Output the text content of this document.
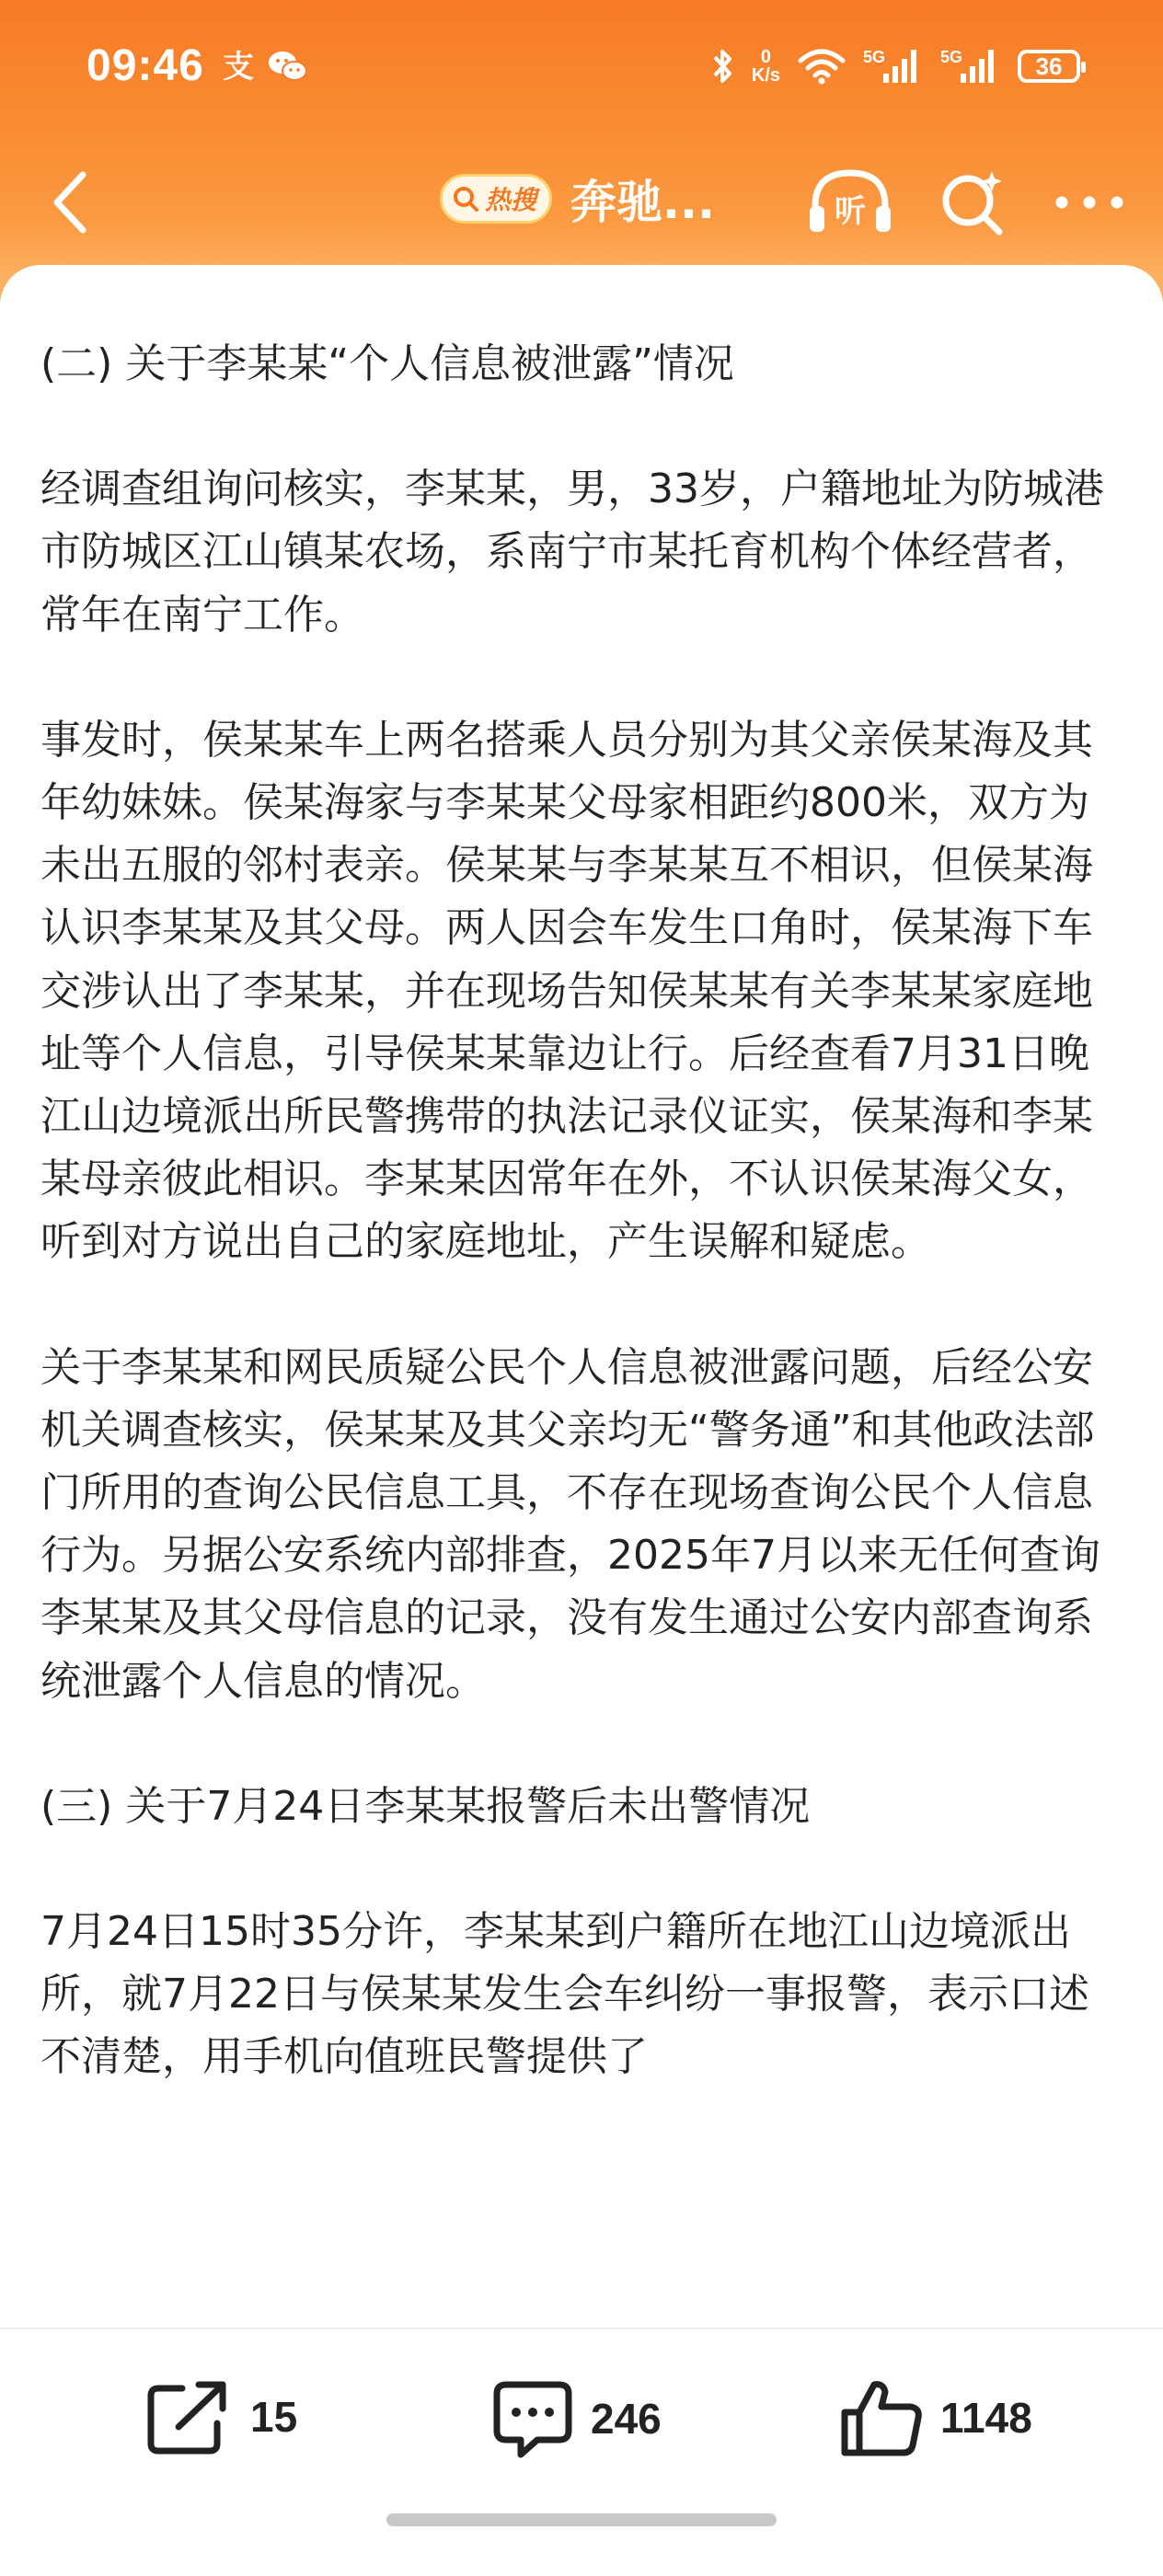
09:46 支	0
K/s
5G	5G	36
热搜 奔驰...	听

(二) 关于李某某“个人信息被泄露”情况

经调查组询问核实，李某某，男，33岁，户籍地址为防城港市防城区江山镇某农场，系南宁市某托育机构个体经营者，常年在南宁工作。

事发时，侯某某车上两名搭乘人员分别为其父亲侯某海及其年幼妹妹。侯某海家与李某某父母家相距约800米，双方为未出五服的邻村表亲。侯某某与李某某互不相识，但侯某海认识李某某及其父母。两人因会车发生口角时，侯某海下车交涉认出了李某某，并在现场告知侯某某有关李某某家庭地址等个人信息，引导侯某某靠边让行。后经查看7月31日晚江山边境派出所民警携带的执法记录仪证实，侯某海和李某某母亲彼此相识。李某某因常年在外，不认识侯某海父女，听到对方说出自己的家庭地址，产生误解和疑虑。

关于李某某和网民质疑公民个人信息被泄露问题，后经公安机关调查核实，侯某某及其父亲均无“警务通”和其他政法部门所用的查询公民信息工具，不存在现场查询公民个人信息行为。另据公安系统内部排查，2025年7月以来无任何查询李某某及其父母信息的记录，没有发生通过公安内部查询系统泄露个人信息的情况。

(三) 关于7月24日李某某报警后未出警情况

7月24日15时35分许，李某某到户籍所在地江山边境派出所，就7月22日与侯某某发生会车纠纷一事报警，表示口述不清楚，用手机向值班民警提供了

15	246	1148
